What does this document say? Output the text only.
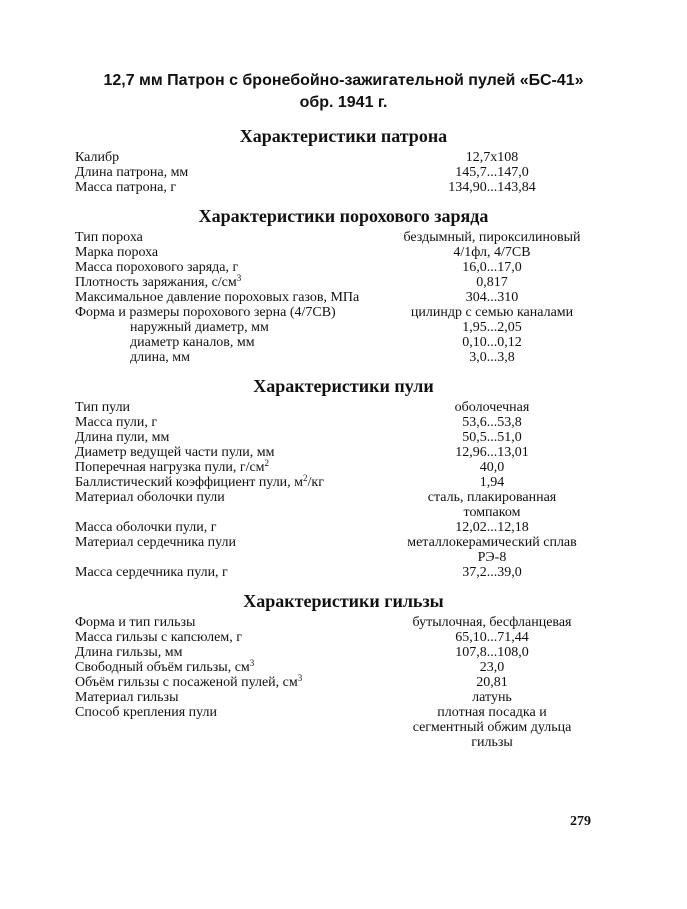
12,7 мм Патрон с бронебойно-зажигательной пулей «БС-41»
обр. 1941 г.
Характеристики патрона
Характеристики порохового заряда
Характеристики пули
Характеристики гильзы
Калибр	12,7х108
Длина патрона, мм	145,7...147,0
Масса патрона, г	134,90...143,84
Тип пороха	бездымный, пироксилиновый
Марка пороха	4/1фл, 4/7СВ
Масса порохового заряда, г	16,0...17,0
Плотность заряжания, $с/см^3$	0,817
Максимальное давление пороховых газов, МПа	304...310
Форма и размеры порохового зерна (4/7СВ)	цилиндр с семью каналами
наружный диаметр, мм	1,95...2,05
диаметр каналов, мм	0,10...0,12
длина, мм	3,0...3,8
Тип пули	оболочечная
Масса пули, г	53,6...53,8
Длина пули, мм	50,5...51,0
Диаметр ведущей части пули, мм	12,96...13,01
Поперечная нагрузка пули, $г/см^2$	40,0
Баллистический коэффициент пули, $м^2/кг$	1,94
Материал оболочки пули	сталь, плакированная
томпаком
Масса оболочки пули, г	12,02...12,18
Материал сердечника пули	металлокерамический сплав
РЭ-8
Масса сердечника пули, г	37,2...39,0
Форма и тип гильзы	бутылочная, бесфланцевая
Масса гильзы с капсюлем, г	65,10...71,44
Длина гильзы, мм	107,8...108,0
Свободный объём гильзы, $см^3$	23,0
Объём гильзы с посаженой пулей, $см^3$	20,81
Материал гильзы	латунь
Способ крепления пули	плотная посадка и
сегментный обжим дульца
гильзы
279
